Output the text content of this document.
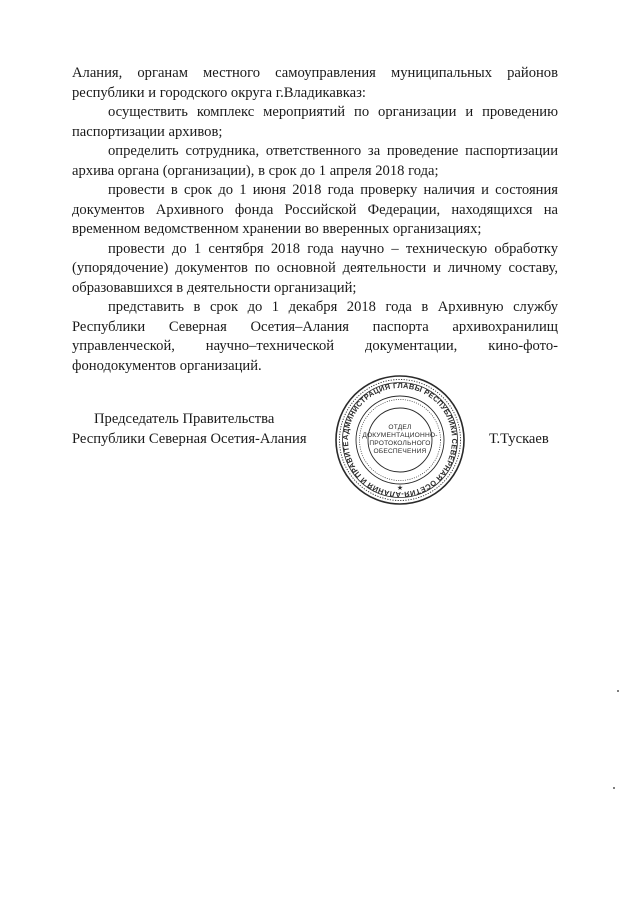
Алания, органам местного самоуправления муниципальных районов республики и городского округа г.Владикавказ:

осуществить комплекс мероприятий по организации и проведению паспортизации архивов;

определить сотрудника, ответственного за проведение паспортизации архива органа (организации), в срок до 1 апреля 2018 года;

провести в срок до 1 июня 2018 года проверку наличия и состояния документов Архивного фонда Российской Федерации, находящихся на временном ведомственном хранении во вверенных организациях;

провести до 1 сентября 2018 года научно – техническую обработку (упорядочение) документов по основной деятельности и личному составу, образовавшихся в деятельности организаций;

представить в срок до 1 декабря 2018 года в Архивную службу Республики Северная Осетия–Алания паспорта архивохранилищ управленческой, научно–технической документации, кино-фото-фонодокументов организаций.

Председатель Правительства
Республики Северная Осетия-Алания	АДМИНИСТРАЦИЯ ГЛАВЫ РЕСПУБЛИКИ СЕВЕРНАЯ ОСЕТИЯ-АЛАНИЯ И ПРАВИТЕ
★
ОТДЕЛ
ДОКУМЕНТАЦИОННО-
ПРОТОКОЛЬНОГО
ОБЕСПЕЧЕНИЯ
Т.Тускаев
